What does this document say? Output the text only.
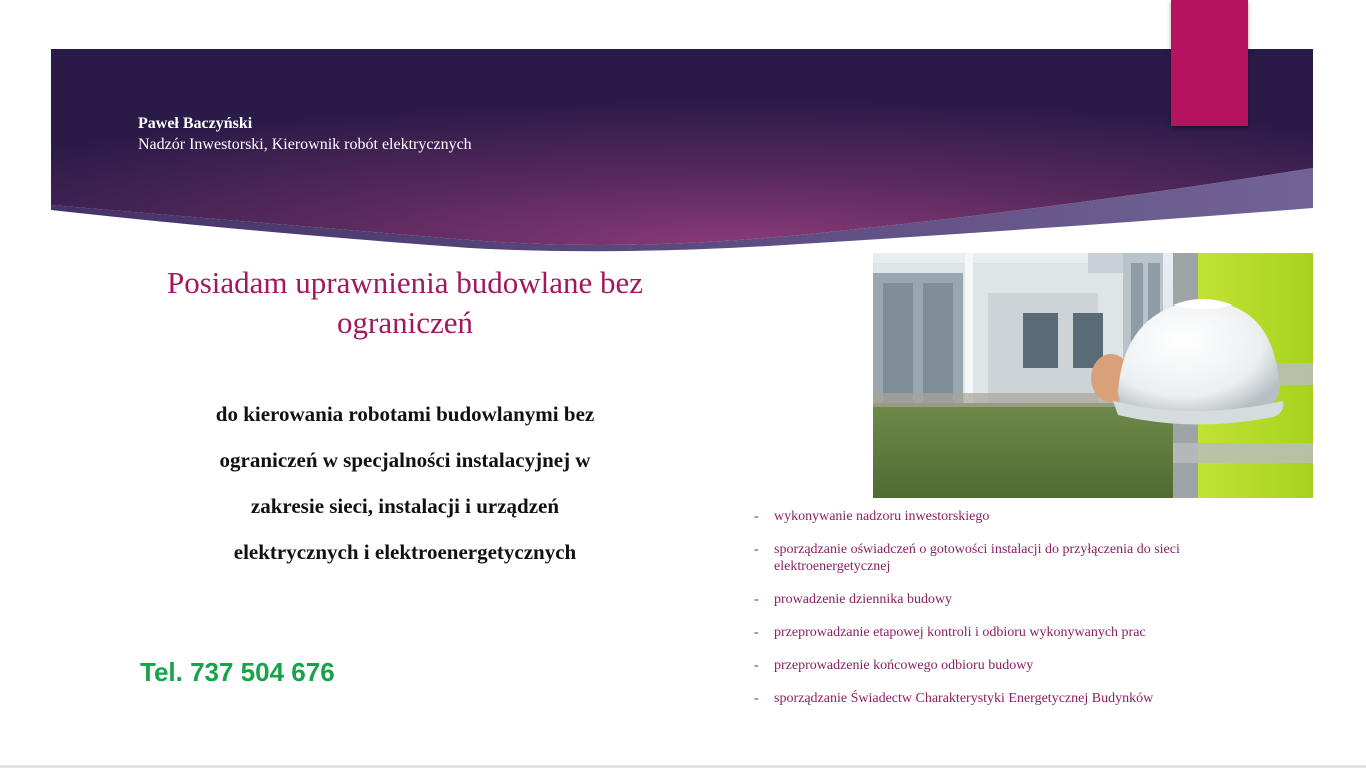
Paweł Baczyński
Nadzór Inwestorski, Kierownik robót elektrycznych
Posiadam uprawnienia budowlane bez
ograniczeń
do kierowania robotami budowlanymi bez
ograniczeń w specjalności instalacyjnej w
zakresie sieci, instalacji i urządzeń
elektrycznych i elektroenergetycznych
Tel. 737 504 676
- wykonywanie nadzoru inwestorskiego
- sporządzanie oświadczeń o gotowości instalacji do przyłączenia do sieci elektroenergetycznej
- prowadzenie dziennika budowy
- przeprowadzanie etapowej kontroli i odbioru wykonywanych prac
- przeprowadzenie końcowego odbioru budowy
- sporządzanie Świadectw Charakterystyki Energetycznej Budynków
